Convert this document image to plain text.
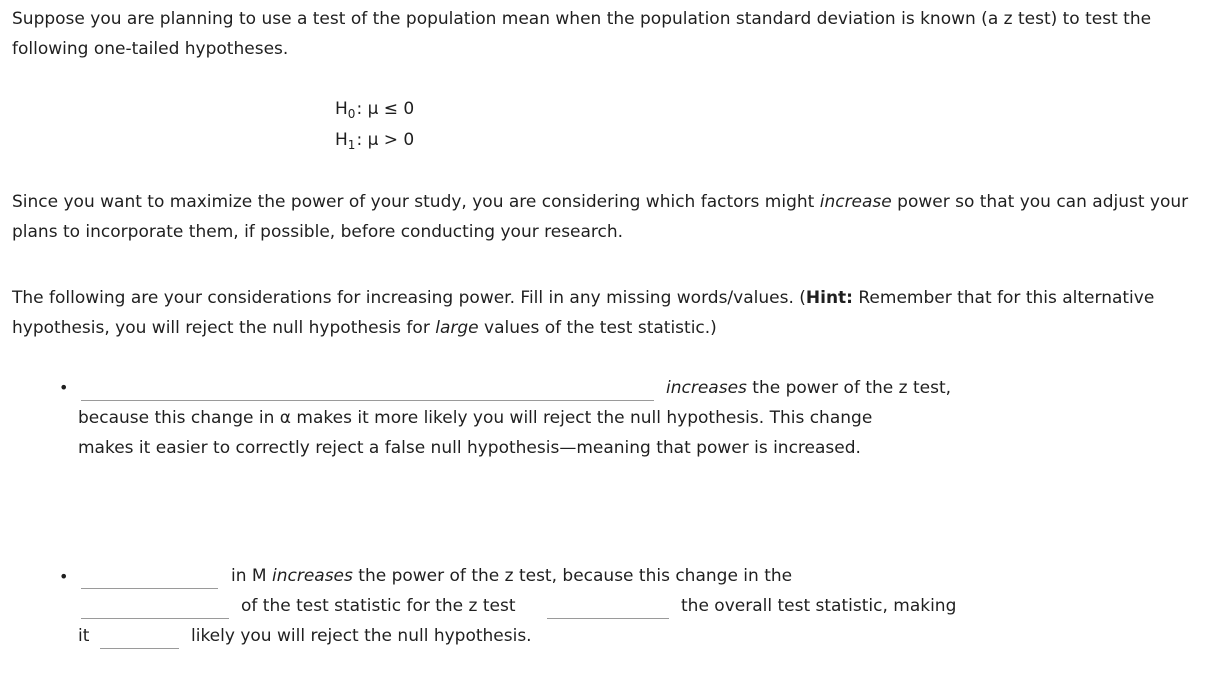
Suppose you are planning to use a test of the population mean when the population standard deviation is known (a z test) to test the following one-tailed hypotheses.

$H_0$: μ ≤ 0
$H_1$: μ > 0

Since you want to maximize the power of your study, you are considering which factors might increase power so that you can adjust your plans to incorporate them, if possible, before conducting your research.

The following are your considerations for increasing power. Fill in any missing words/values. (Hint: Remember that for this alternative hypothesis, you will reject the null hypothesis for large values of the test statistic.)

•	increases the power of the z test,
because this change in α makes it more likely you will reject the null hypothesis. This change
makes it easier to correctly reject a false null hypothesis—meaning that power is increased.
•	in M increases the power of the z test, because this change in the
of the test statistic for the z test	the overall test statistic, making
it	likely you will reject the null hypothesis.
